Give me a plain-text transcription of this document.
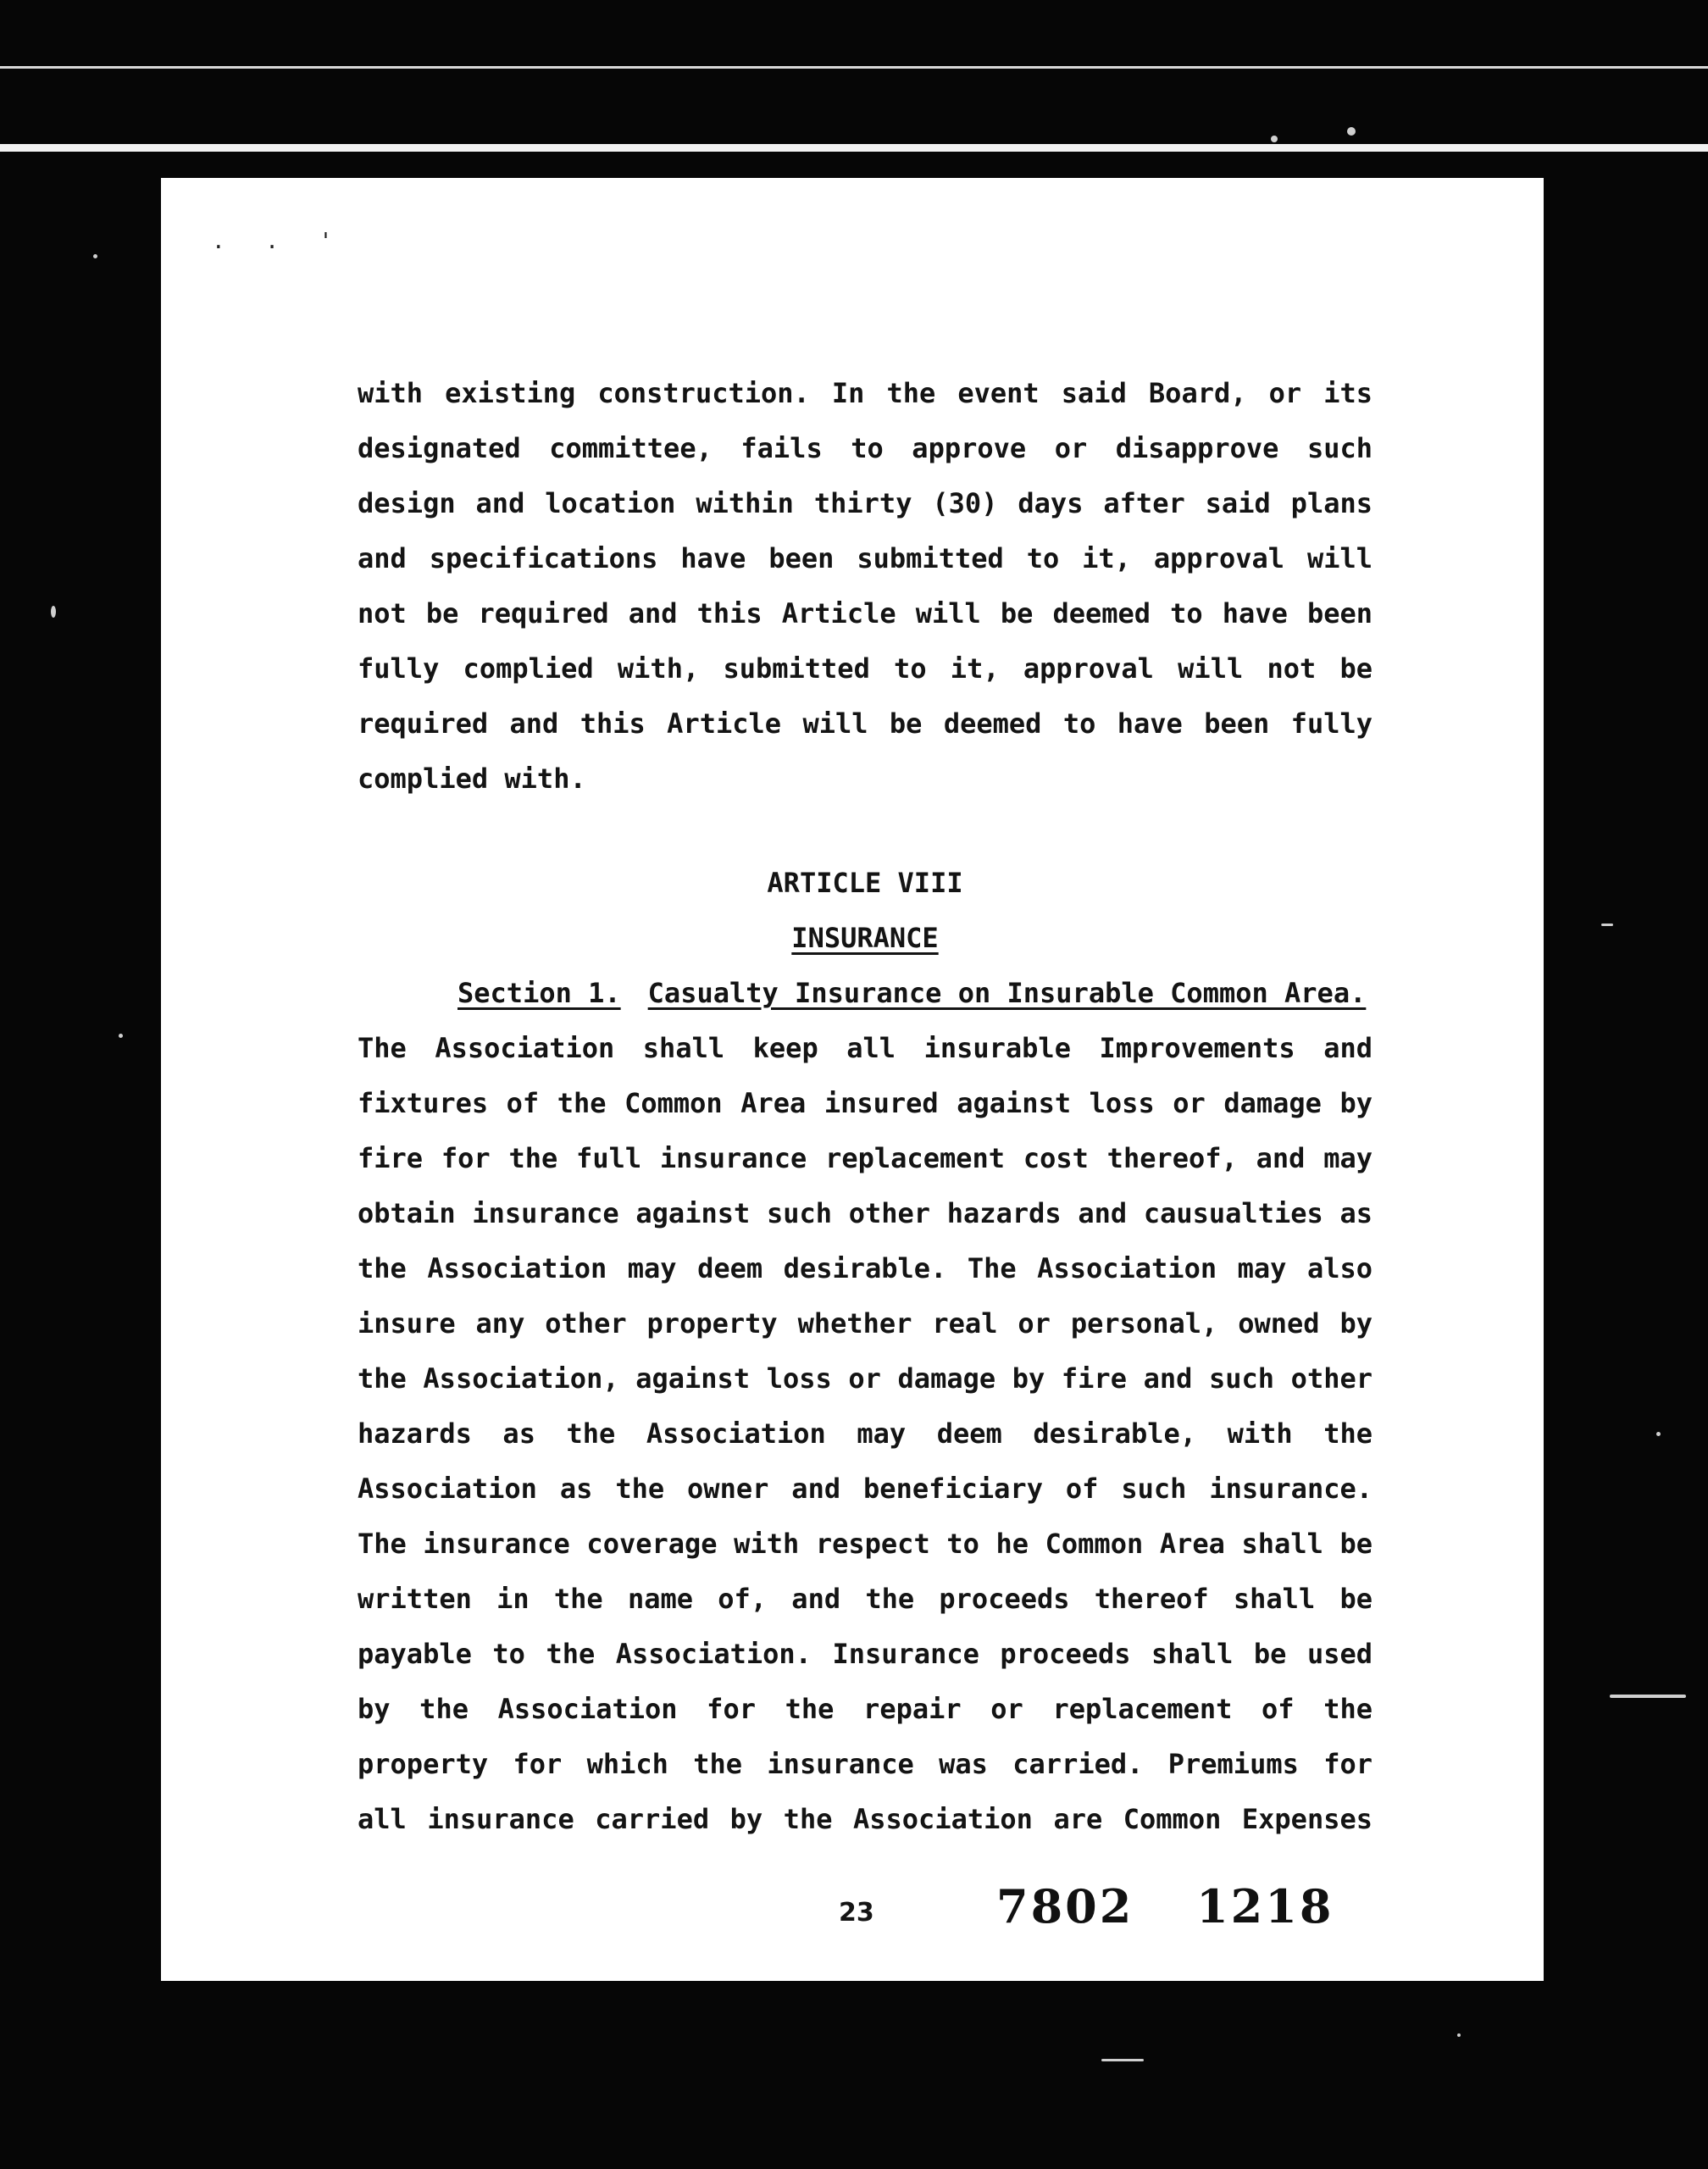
. . '
with existing construction. In the event said Board, or its
designated committee, fails to approve or disapprove such
design and location within thirty (30) days after said plans
and specifications have been submitted to it, approval will
not be required and this Article will be deemed to have been
fully complied with, submitted to it, approval will not be
required and this Article will be deemed to have been fully
complied with.
ARTICLE VIII
INSURANCE
Section 1. Casualty Insurance on Insurable Common Area.
The Association shall keep all insurable Improvements and
fixtures of the Common Area insured against loss or damage by
fire for the full insurance replacement cost thereof, and may
obtain insurance against such other hazards and causualties as
the Association may deem desirable. The Association may also
insure any other property whether real or personal, owned by
the Association, against loss or damage by fire and such other
hazards as the Association may deem desirable, with the
Association as the owner and beneficiary of such insurance.
The insurance coverage with respect to he Common Area shall be
written in the name of, and the proceeds thereof shall be
payable to the Association. Insurance proceeds shall be used
by the Association for the repair or replacement of the
property for which the insurance was carried. Premiums for
all insurance carried by the Association are Common Expenses
23	7802 1218
